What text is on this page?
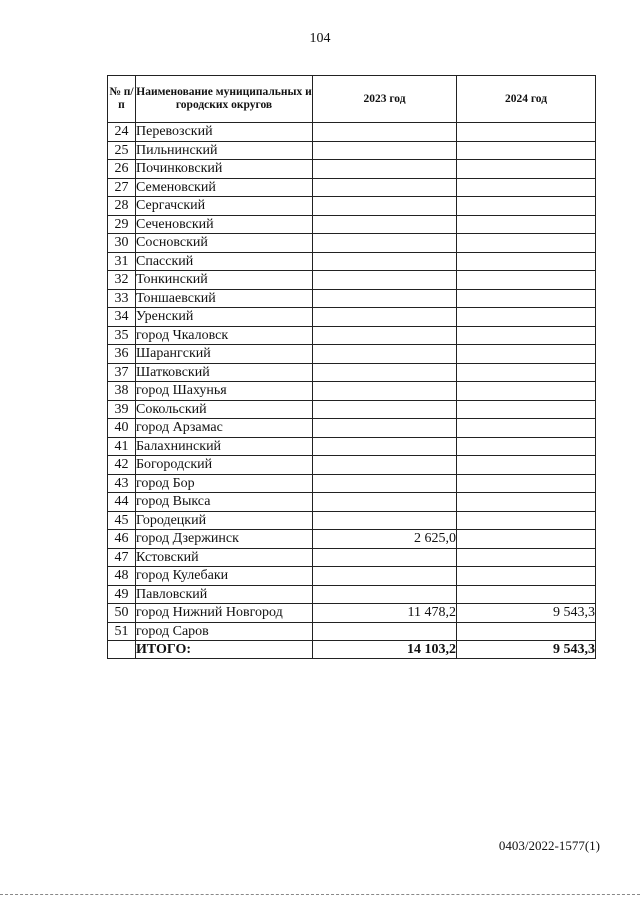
104
№ п/п	Наименование муниципальных и городских округов	2023 год	2024 год
24	Перевозский		
25	Пильнинский		
26	Починковский		
27	Семеновский		
28	Сергачский		
29	Сеченовский		
30	Сосновский		
31	Спасский		
32	Тонкинский		
33	Тоншаевский		
34	Уренский		
35	город Чкаловск		
36	Шарангский		
37	Шатковский		
38	город Шахунья		
39	Сокольский		
40	город Арзамас		
41	Балахнинский		
42	Богородский		
43	город Бор		
44	город Выкса		
45	Городецкий		
46	город Дзержинск	2 625,0	
47	Кстовский		
48	город Кулебаки		
49	Павловский		
50	город Нижний Новгород	11 478,2	9 543,3
51	город Саров		
	ИТОГО:	14 103,2	9 543,3
0403/2022-1577(1)
